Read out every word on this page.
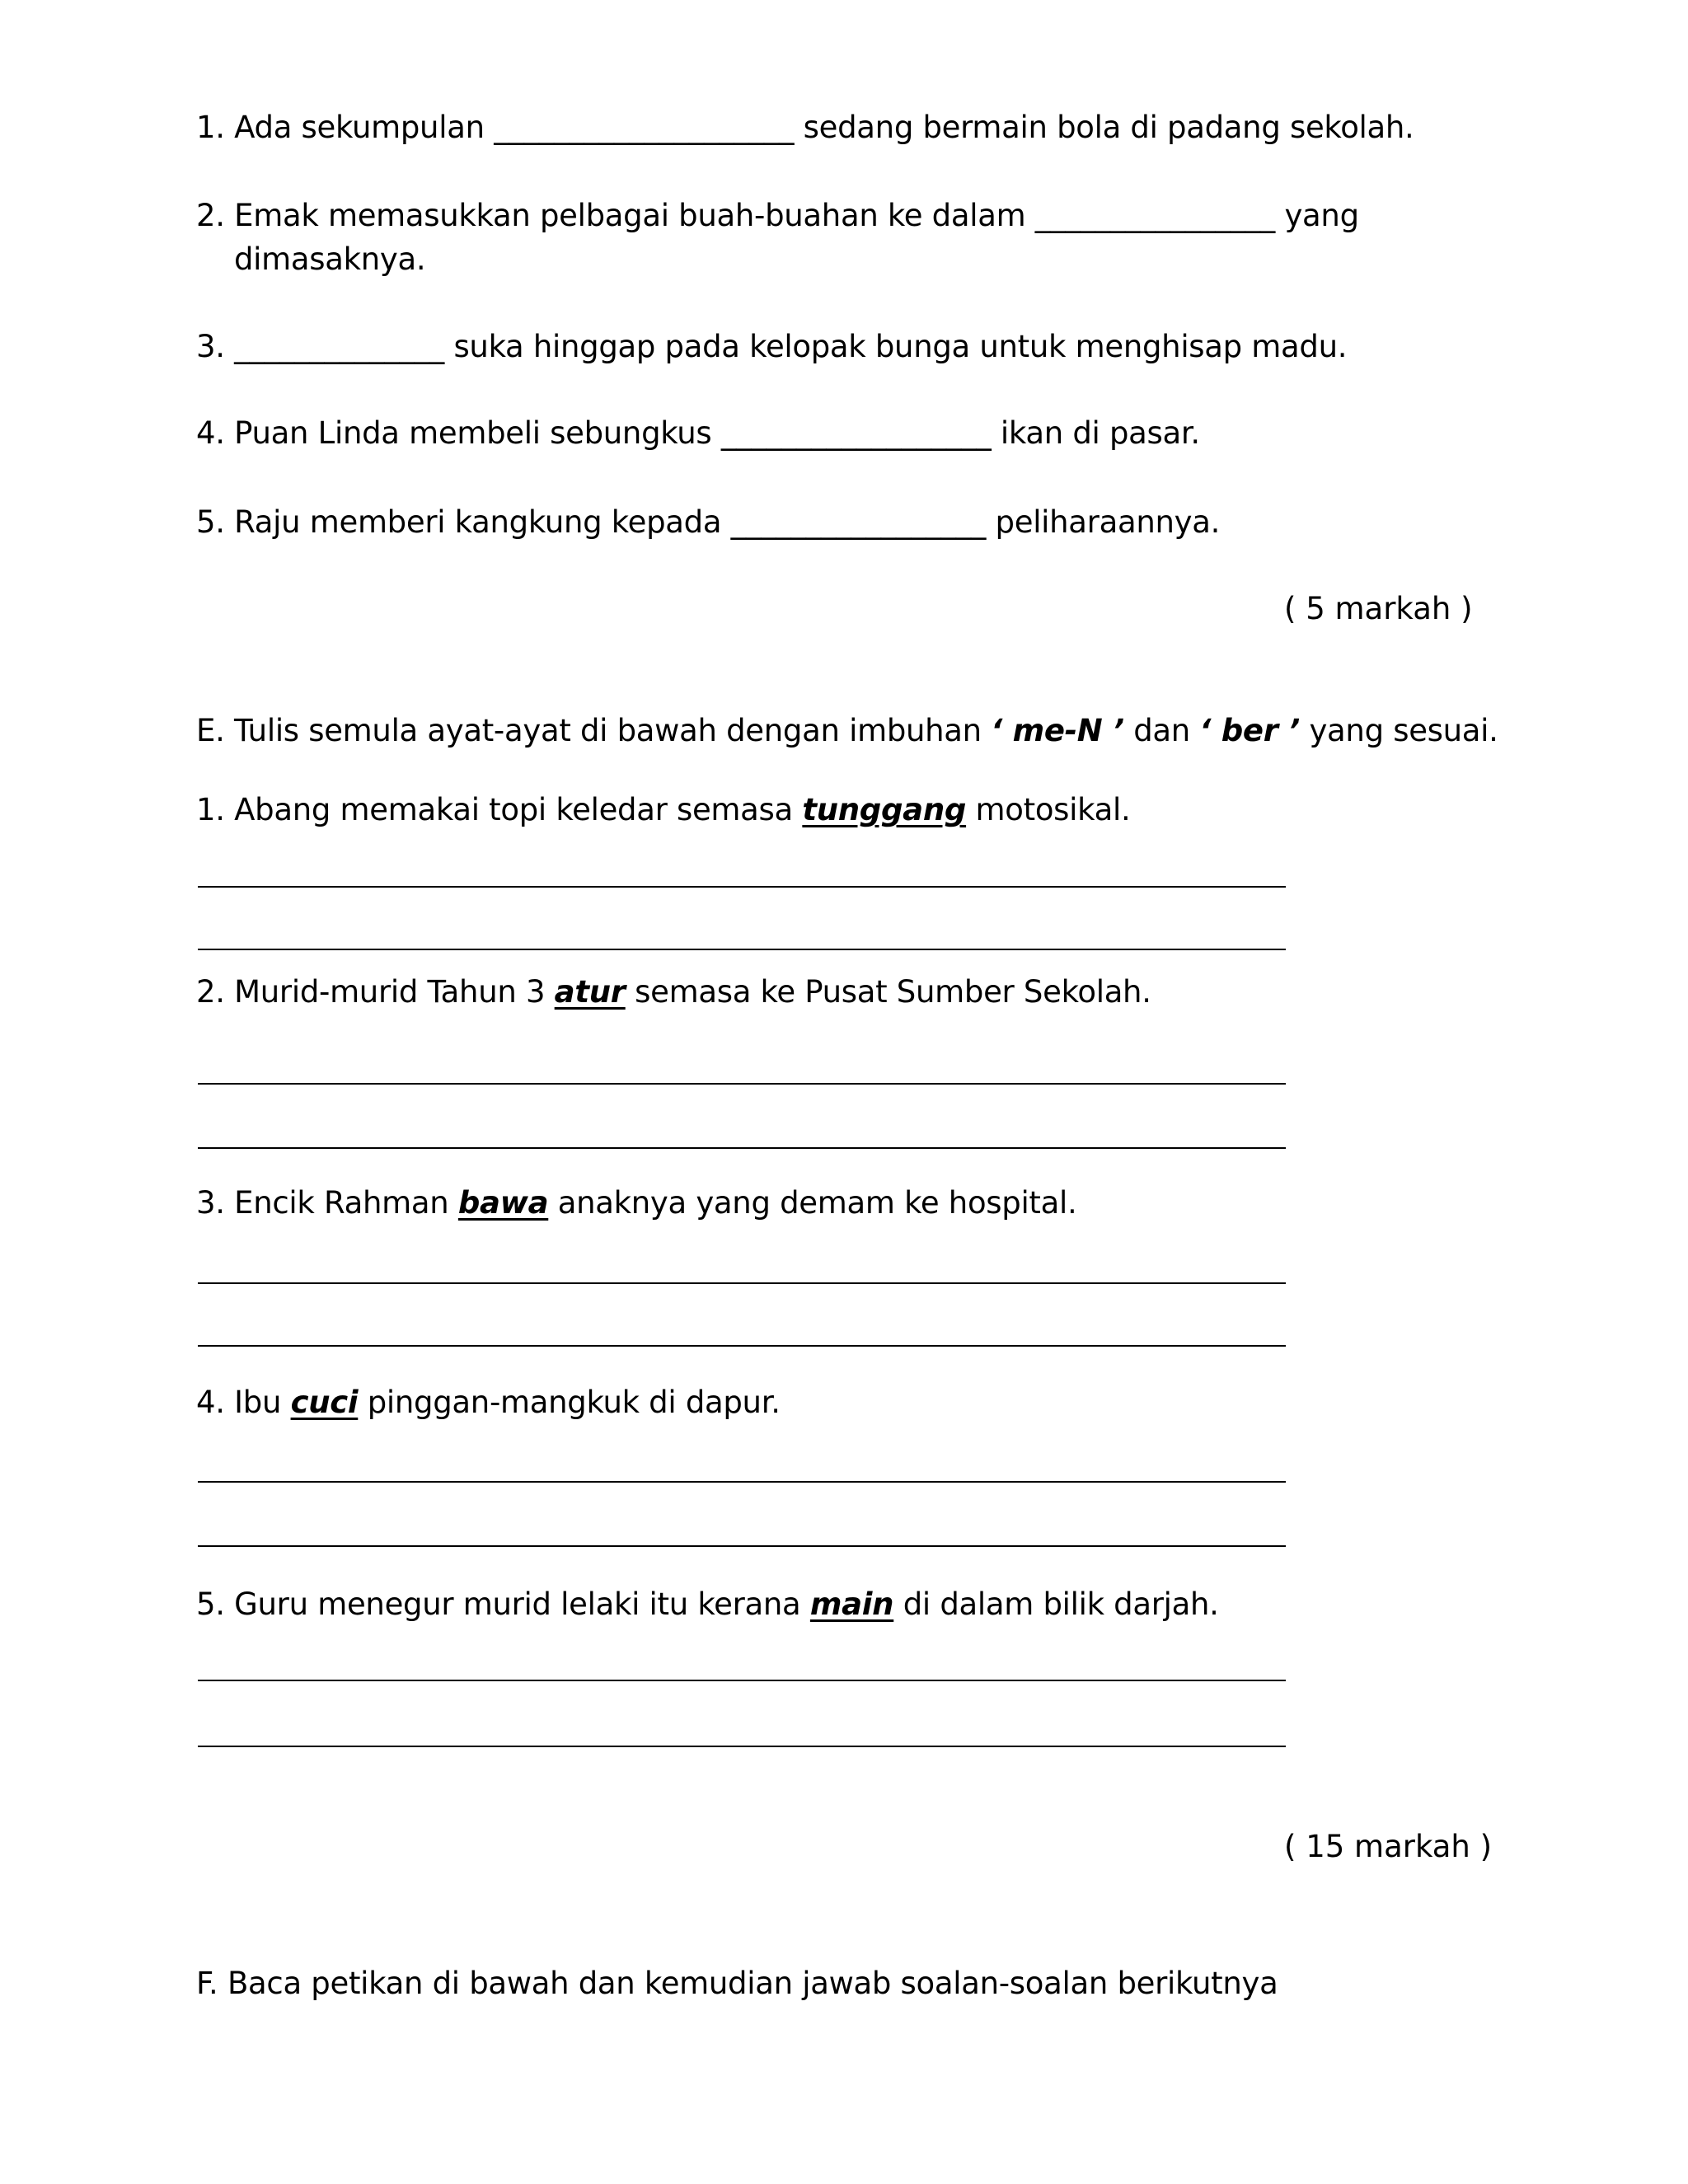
1. Ada sekumpulan ____________________ sedang bermain bola di padang sekolah.

2. Emak memasukkan pelbagai buah-buahan ke dalam ________________ yang

dimasaknya.

3. ______________ suka hinggap pada kelopak bunga untuk menghisap madu.

4. Puan Linda membeli sebungkus __________________ ikan di pasar.

5. Raju memberi kangkung kepada _________________ peliharaannya.

( 5 markah )

E. Tulis semula ayat-ayat di bawah dengan imbuhan ‘ me-N ’ dan ‘ ber ’ yang sesuai.

1. Abang memakai topi keledar semasa tunggang motosikal.

2. Murid-murid Tahun 3 atur semasa ke Pusat Sumber Sekolah.

3. Encik Rahman bawa anaknya yang demam ke hospital.

4. Ibu cuci pinggan-mangkuk di dapur.

5. Guru menegur murid lelaki itu kerana main di dalam bilik darjah.

( 15 markah )

F. Baca petikan di bawah dan kemudian jawab soalan-soalan berikutnya
